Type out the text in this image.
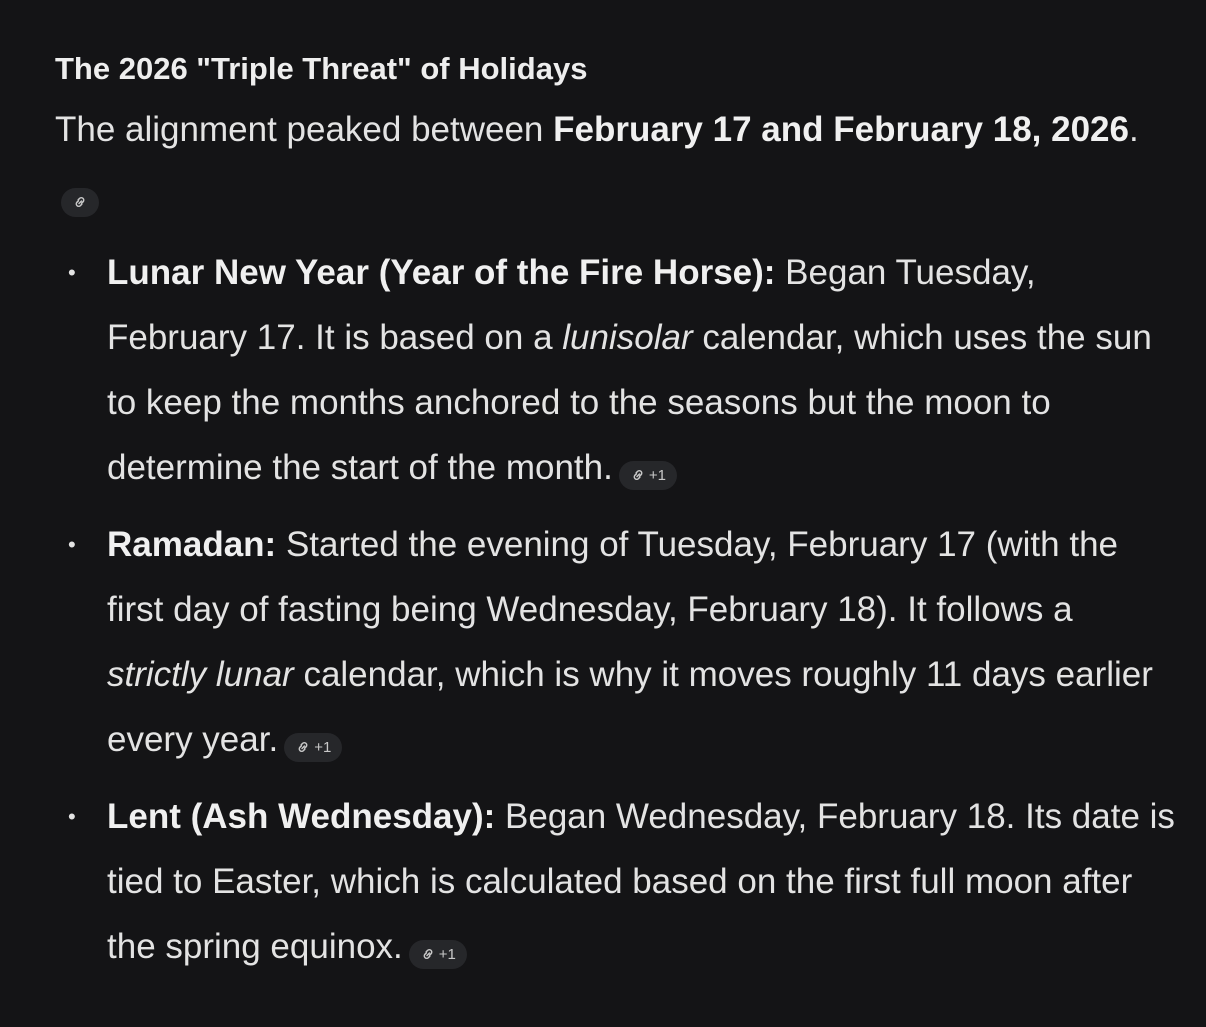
The 2026 "Triple Threat" of Holidays

The alignment peaked between February 17 and February 18, 2026.

• Lunar New Year (Year of the Fire Horse): Began Tuesday, February 17. It is based on a lunisolar calendar, which uses the sun to keep the months anchored to the seasons but the moon to determine the start of the month. +1
• Ramadan: Started the evening of Tuesday, February 17 (with the first day of fasting being Wednesday, February 18). It follows a strictly lunar calendar, which is why it moves roughly 11 days earlier every year. +1
• Lent (Ash Wednesday): Began Wednesday, February 18. Its date is tied to Easter, which is calculated based on the first full moon after the spring equinox. +1
